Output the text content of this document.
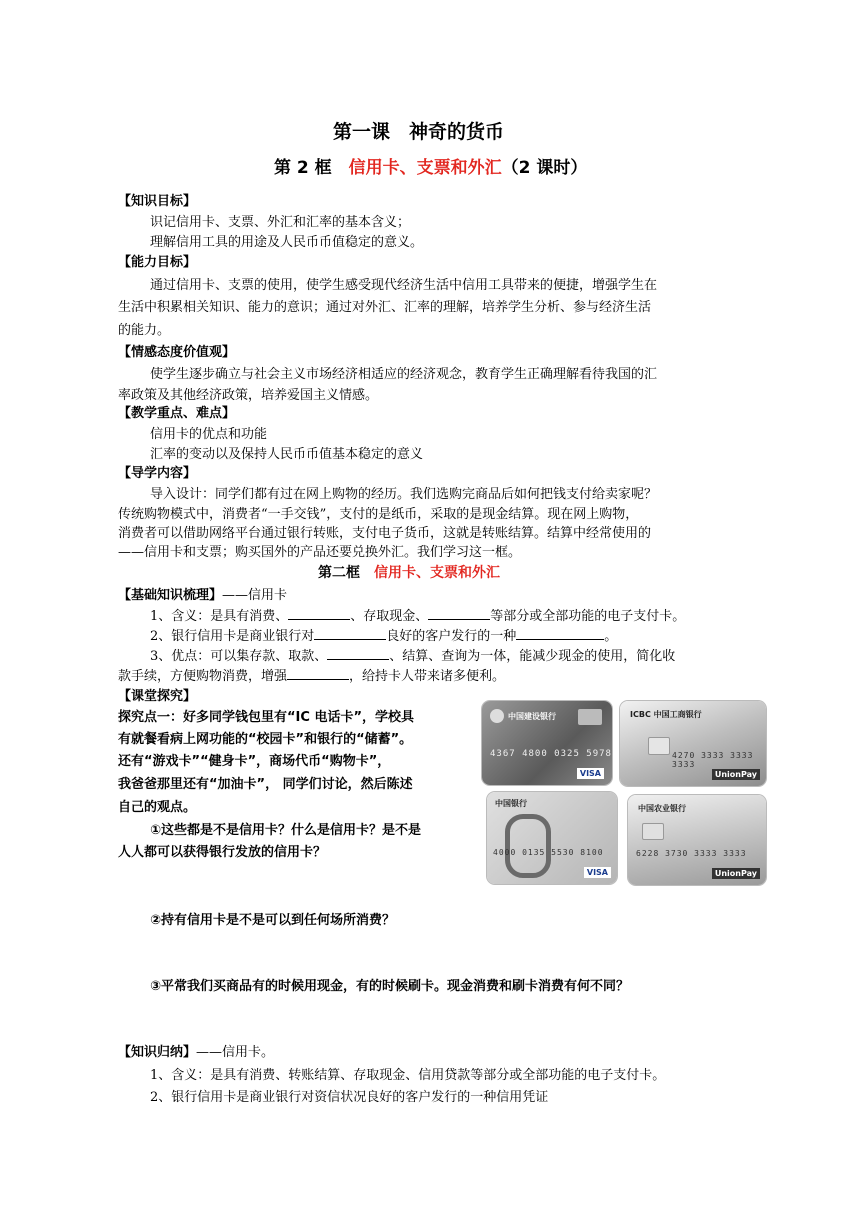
第一课　神奇的货币
第 2 框　信用卡、支票和外汇（2 课时）
【知识目标】
识记信用卡、支票、外汇和汇率的基本含义；
理解信用工具的用途及人民币币值稳定的意义。
【能力目标】
通过信用卡、支票的使用，使学生感受现代经济生活中信用工具带来的便捷，增强学生在
生活中积累相关知识、能力的意识；通过对外汇、汇率的理解，培养学生分析、参与经济生活
的能力。
【情感态度价值观】
使学生逐步确立与社会主义市场经济相适应的经济观念，教育学生正确理解看待我国的汇
率政策及其他经济政策，培养爱国主义情感。
【教学重点、难点】
信用卡的优点和功能
汇率的变动以及保持人民币币值基本稳定的意义
【导学内容】
导入设计：同学们都有过在网上购物的经历。我们选购完商品后如何把钱支付给卖家呢？
传统购物模式中，消费者“一手交钱”，支付的是纸币，采取的是现金结算。现在网上购物，
消费者可以借助网络平台通过银行转账，支付电子货币，这就是转账结算。结算中经常使用的
——信用卡和支票；购买国外的产品还要兑换外汇。我们学习这一框。
第二框　信用卡、支票和外汇
【基础知识梳理】——信用卡
1、含义：是具有消费、	、存取现金、	等部分或全部功能的电子支付卡。
2、银行信用卡是商业银行对	良好的客户发行的一种	。
3、优点：可以集存款、取款、	、结算、查询为一体，能减少现金的使用，简化收
款手续，方便购物消费，增强	，给持卡人带来诸多便利。
【课堂探究】
探究点一：好多同学钱包里有“IC 电话卡”，学校具
有就餐看病上网功能的“校园卡”和银行的“储蓄”。
还有“游戏卡”“健身卡”，商场代币“购物卡”，
我爸爸那里还有“加油卡”， 同学们讨论，然后陈述
自己的观点。
①这些都是不是信用卡？什么是信用卡？是不是
人人都可以获得银行发放的信用卡？
②持有信用卡是不是可以到任何场所消费？
③平常我们买商品有的时候用现金，有的时候刷卡。现金消费和刷卡消费有何不同？
中国建设银行
4367 4800 0325 5978
VISA
ICBC 中国工商银行
4270 3333 3333 3333
UnionPay
中国银行
4000 0135 5530 8100
VISA
中国农业银行
6228 3730 3333 3333
UnionPay
【知识归纳】——信用卡。
1、含义：是具有消费、转账结算、存取现金、信用贷款等部分或全部功能的电子支付卡。
2、银行信用卡是商业银行对资信状况良好的客户发行的一种信用凭证
